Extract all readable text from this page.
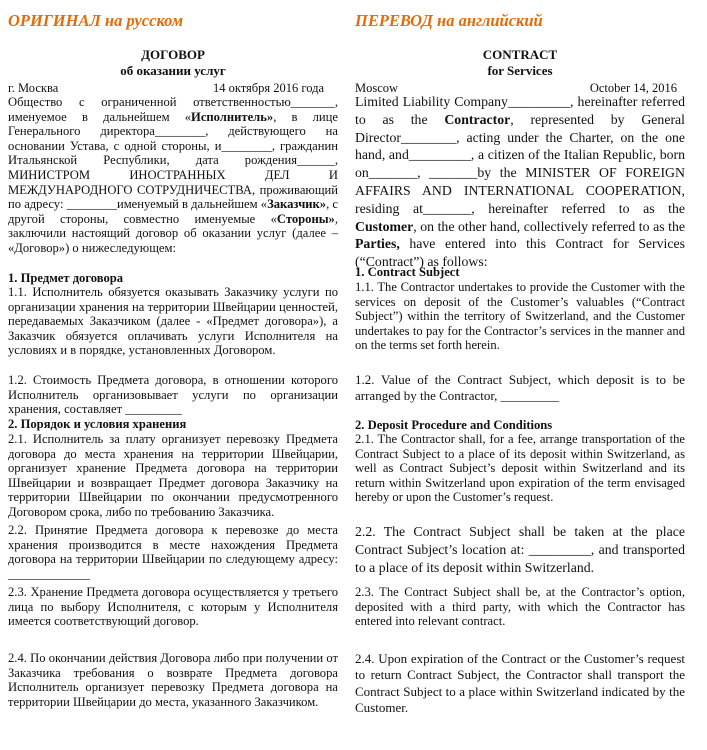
ОРИГИНАЛ на русском
ДОГОВОР
об оказании услуг
г. Москва	14 октября 2016 года

Общество с ограниченной ответственностью_______, именуемое в дальнейшем «Исполнитель», в лице Генерального директора________, действующего на основании Устава, с одной стороны, и________, гражданин Итальянской Республики, дата рождения______, МИНИСТРОМ ИНОСТРАННЫХ ДЕЛ И МЕЖДУНАРОДНОГО СОТРУДНИЧЕСТВА, проживающий по адресу: ________именуемый в дальнейшем «Заказчик», с другой стороны, совместно именуемые «Стороны», заключили настоящий договор об оказании услуг (далее – «Договор») о нижеследующем:

1. Предмет договора
1.1. Исполнитель обязуется оказывать Заказчику услуги по организации хранения на территории Швейцарии ценностей, передаваемых Заказчиком (далее - «Предмет договора»), а Заказчик обязуется оплачивать услуги Исполнителя на условиях и в порядке, установленных Договором.
1.2. Стоимость Предмета договора, в отношении которого Исполнитель организовывает услуги по организации хранения, составляет _________
2. Порядок и условия хранения
2.1. Исполнитель за плату организует перевозку Предмета договора до места хранения на территории Швейцарии, организует хранение Предмета договора на территории Швейцарии и возвращает Предмет договора Заказчику на территории Швейцарии по окончании предусмотренного Договором срока, либо по требованию Заказчика.
2.2. Принятие Предмета договора к перевозке до места хранения производится в месте нахождения Предмета договора на территории Швейцарии по следующему адресу: _____________
2.3. Хранение Предмета договора осуществляется у третьего лица по выбору Исполнителя, с которым у Исполнителя имеется соответствующий договор.
2.4. По окончании действия Договора либо при получении от Заказчика требования о возврате Предмета договора Исполнитель организует перевозку Предмета договора на территории Швейцарии до места, указанного Заказчиком.
ПЕРЕВОД на английский
CONTRACT
for Services
Moscow	October 14, 2016

Limited Liability Company_________, hereinafter referred to as the Contractor, represented by General Director________, acting under the Charter, on the one hand, and_________, a citizen of the Italian Republic, born on_______, _______by the MINISTER OF FOREIGN AFFAIRS AND INTERNATIONAL COOPERATION, residing at_______, hereinafter referred to as the Customer, on the other hand, collectively referred to as the Parties, have entered into this Contract for Services (“Contract”) as follows:

1. Contract Subject
1.1. The Contractor undertakes to provide the Customer with the services on deposit of the Customer’s valuables (“Contract Subject”) within the territory of Switzerland, and the Customer undertakes to pay for the Contractor’s services in the manner and on the terms set forth herein.
1.2. Value of the Contract Subject, which deposit is to be arranged by the Contractor, _________
2. Deposit Procedure and Conditions
2.1. The Contractor shall, for a fee, arrange transportation of the Contract Subject to a place of its deposit within Switzerland, as well as Contract Subject’s deposit within Switzerland and its return within Switzerland upon expiration of the term envisaged hereby or upon the Customer’s request.
2.2. The Contract Subject shall be taken at the place Contract Subject’s location at: _________, and transported to a place of its deposit within Switzerland.
2.3. The Contract Subject shall be, at the Contractor’s option, deposited with a third party, with which the Contractor has entered into relevant contract.
2.4. Upon expiration of the Contract or the Customer’s request to return Contract Subject, the Contractor shall transport the Contract Subject to a place within Switzerland indicated by the Customer.
